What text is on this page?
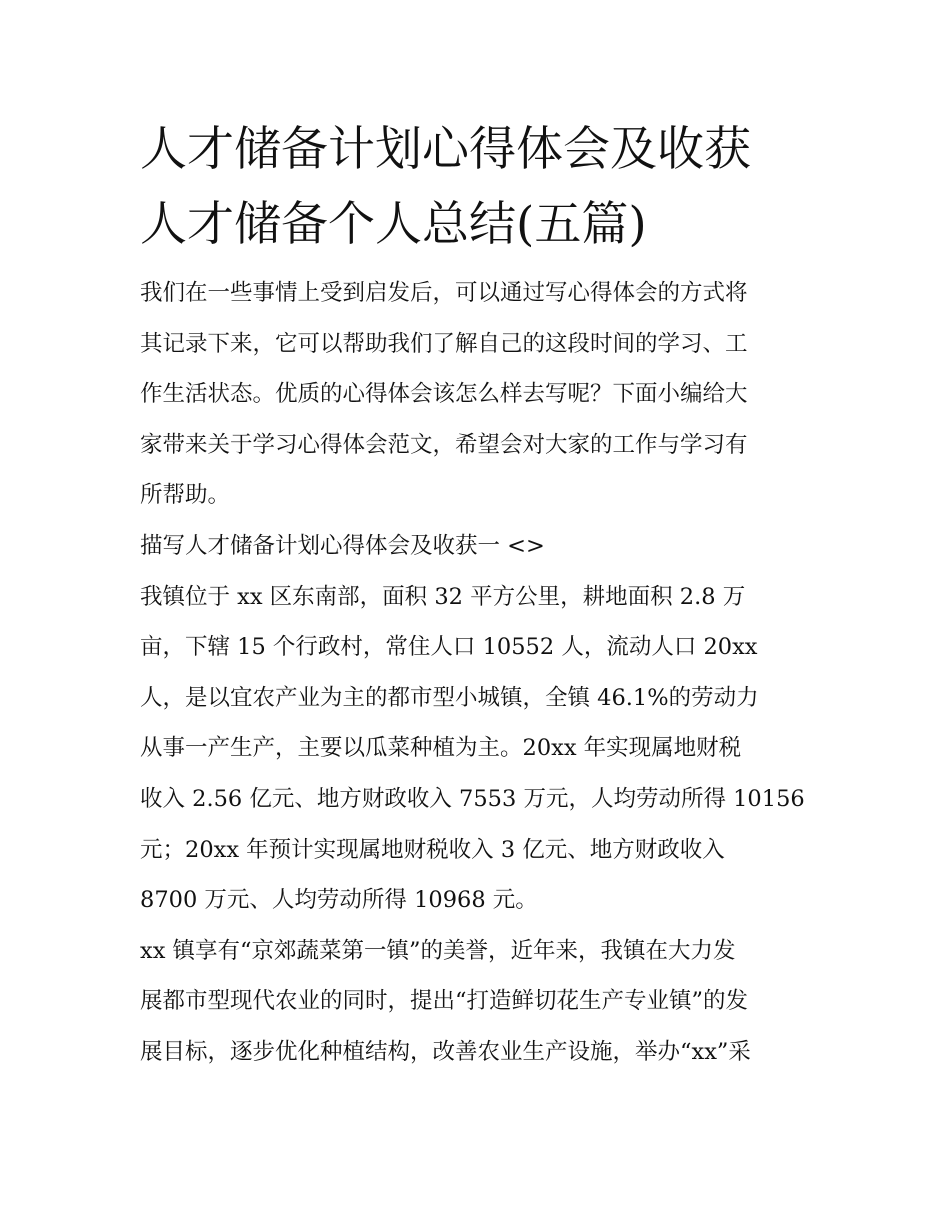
人才储备计划心得体会及收获
人才储备个人总结(五篇)

我们在一些事情上受到启发后，可以通过写心得体会的方式将
其记录下来，它可以帮助我们了解自己的这段时间的学习、工
作生活状态。优质的心得体会该怎么样去写呢？下面小编给大
家带来关于学习心得体会范文，希望会对大家的工作与学习有
所帮助。

描写人才储备计划心得体会及收获一 <>

我镇位于 xx 区东南部，面积 32 平方公里，耕地面积 2.8 万
亩，下辖 15 个行政村，常住人口 10552 人，流动人口 20xx
人，是以宜农产业为主的都市型小城镇，全镇 46.1%的劳动力
从事一产生产，主要以瓜菜种植为主。20xx 年实现属地财税
收入 2.56 亿元、地方财政收入 7553 万元，人均劳动所得 10156
元；20xx 年预计实现属地财税收入 3 亿元、地方财政收入
8700 万元、人均劳动所得 10968 元。

xx 镇享有“京郊蔬菜第一镇”的美誉，近年来，我镇在大力发
展都市型现代农业的同时，提出“打造鲜切花生产专业镇”的发
展目标，逐步优化种植结构，改善农业生产设施，举办“xx”采
